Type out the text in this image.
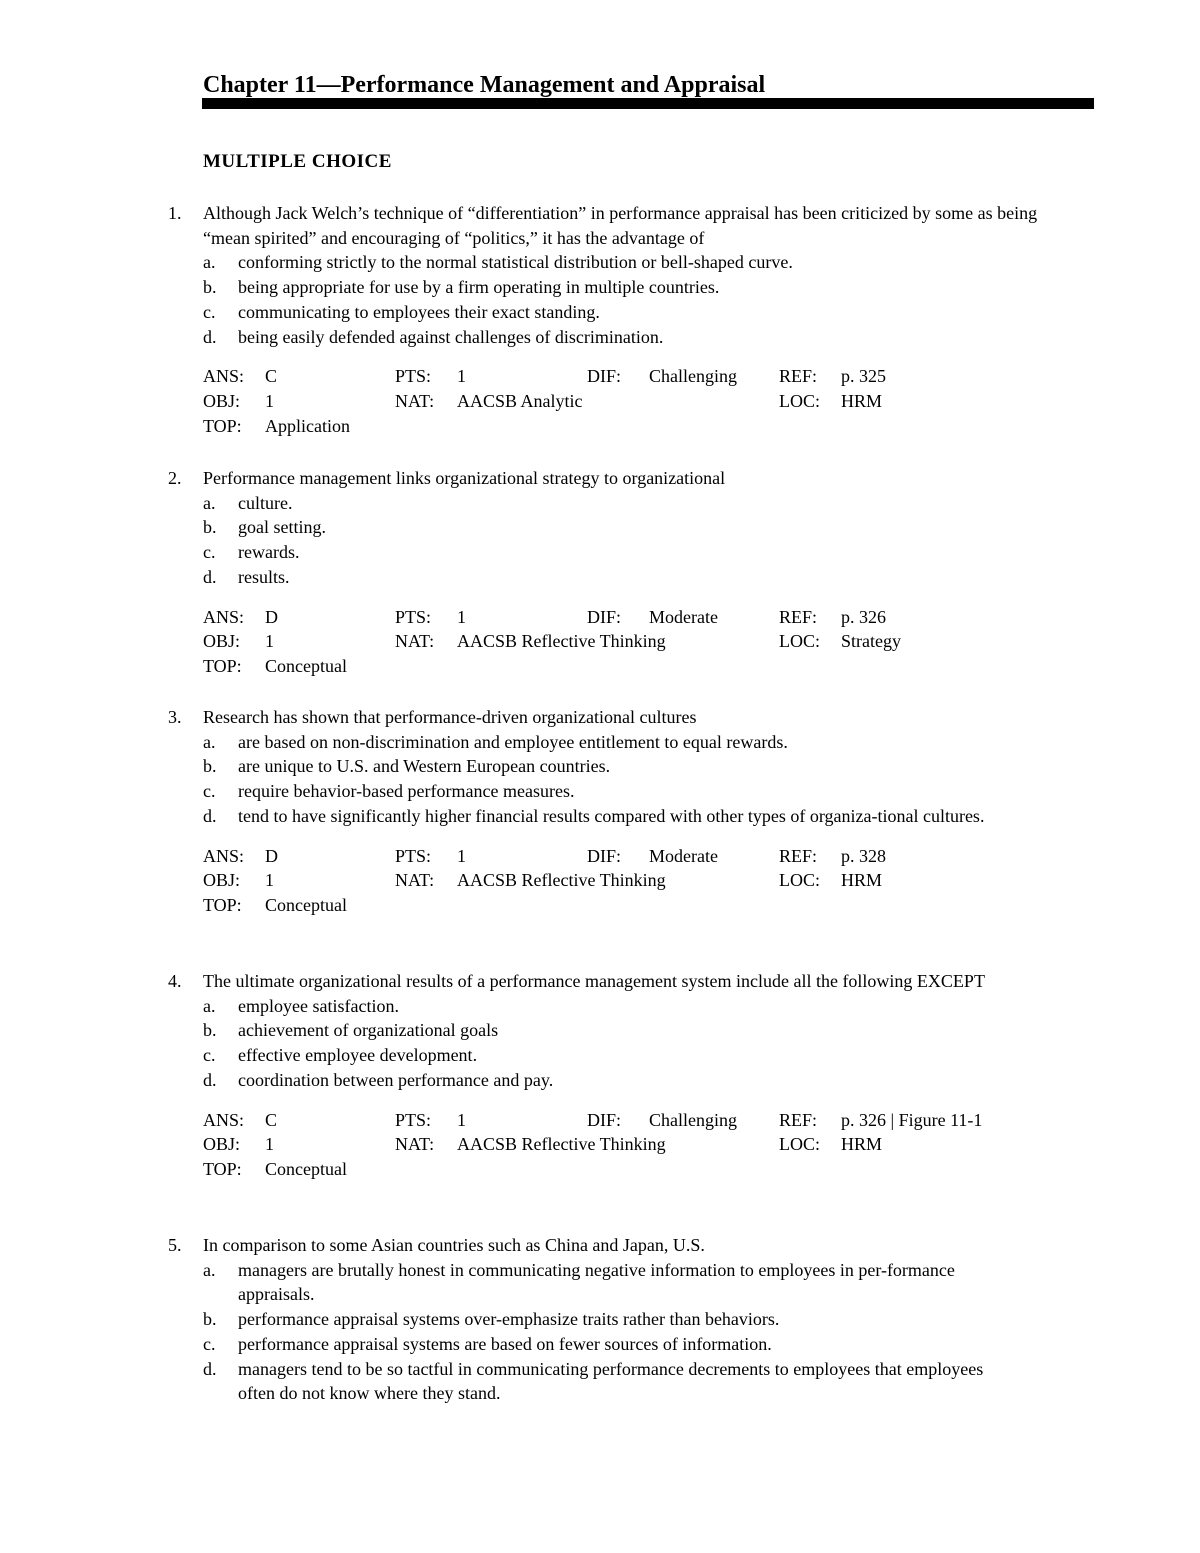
Chapter 11—Performance Management and Appraisal
MULTIPLE CHOICE
1. Although Jack Welch’s technique of “differentiation” in performance appraisal has been criticized by some as being “mean spirited” and encouraging of “politics,” it has the advantage of
a.	conforming strictly to the normal statistical distribution or bell-shaped curve.
b.	being appropriate for use by a firm operating in multiple countries.
c.	communicating to employees their exact standing.
d.	being easily defended against challenges of discrimination.
ANS:	C	PTS:	1	DIF:	Challenging REF:	p. 325
OBJ:	1	NAT:	AACSB Analytic	LOC:	HRM
TOP:	Application
2. Performance management links organizational strategy to organizational
a.	culture.
b.	goal setting.
c.	rewards.
d.	results.
ANS:	D	PTS:	1	DIF:	Moderate	REF:	p. 326
OBJ:	1	NAT:	AACSB Reflective Thinking	LOC:	Strategy
TOP:	Conceptual
3. Research has shown that performance-driven organizational cultures
a.	are based on non-discrimination and employee entitlement to equal rewards.
b.	are unique to U.S. and Western European countries.
c.	require behavior-based performance measures.
d.	tend to have significantly higher financial results compared with other types of organiza-tional cultures.
ANS:	D	PTS:	1	DIF:	Moderate	REF:	p. 328
OBJ:	1	NAT:	AACSB Reflective Thinking	LOC:	HRM
TOP:	Conceptual
4. The ultimate organizational results of a performance management system include all the following EXCEPT
a.	employee satisfaction.
b.	achievement of organizational goals
c.	effective employee development.
d.	coordination between performance and pay.
ANS:	C	PTS:	1	DIF:	Challenging REF:	p. 326 | Figure 11-1
OBJ:	1	NAT:	AACSB Reflective Thinking	LOC:	HRM
TOP:	Conceptual
5. In comparison to some Asian countries such as China and Japan, U.S.
a.	managers are brutally honest in communicating negative information to employees in per-formance appraisals.
b.	performance appraisal systems over-emphasize traits rather than behaviors.
c.	performance appraisal systems are based on fewer sources of information.
d.	managers tend to be so tactful in communicating performance decrements to employees that employees often do not know where they stand.
